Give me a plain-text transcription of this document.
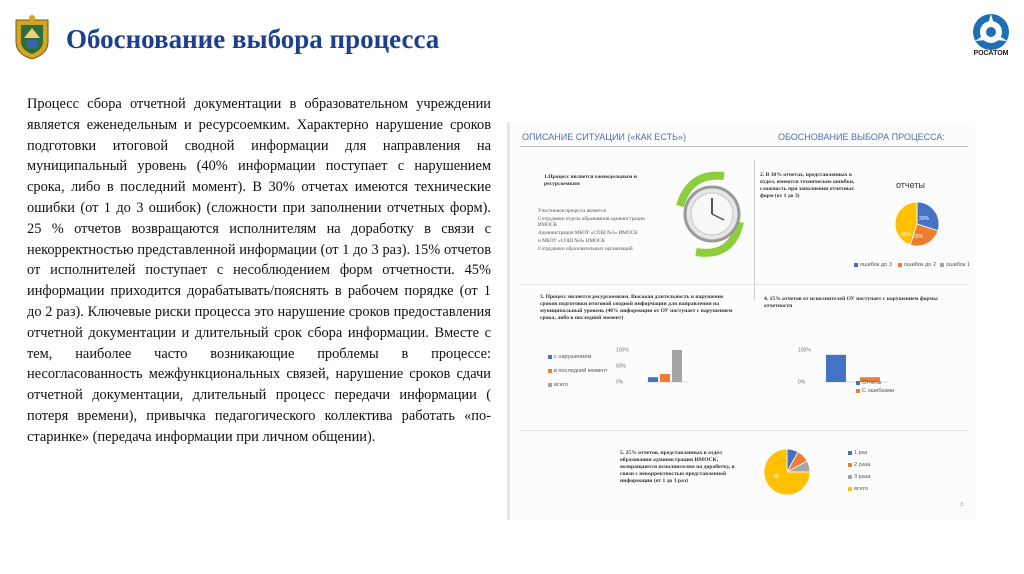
Обоснование выбора процесса	РОСАТОМ
Процесс сбора отчетной документации в образовательном учреждении является еженедельным и ресурсоемким. Характерно нарушение сроков подготовки итоговой сводной информации для направления на муниципальный уровень (40% информации поступает с нарушением срока, либо в последний момент). В 30% отчетах имеются технические ошибки (от 1 до 3 ошибок) (сложности при заполнении отчетных форм). 25 % отчетов возвращаются исполнителям на доработку в связи с некорректностью представленной информации (от 1 до 3 раз). 15% отчетов от исполнителей поступает с несоблюдением форм отчетности. 45% информации приходится дорабатывать/пояснять в рабочем порядке (от 1 до 2 раз). Ключевые риски процесса это нарушение сроков предоставления отчетной документации и длительный срок сбора информации. Вместе с тем, наиболее часто возникающие проблемы в процессе: несогласованность межфункциональных связей, нарушение сроков сдачи отчетной документации, длительный процесс передачи информации ( потеря времени), привычка педагогического коллектива работать «по-старинке» (передача информации при личном общении).
ОПИСАНИЕ СИТУАЦИИ («КАК ЕСТЬ»)	ОБОСНОВАНИЕ ВЫБОРА ПРОЦЕССА:
1.Процесс является еженедельным и ресурсоемким
Участников процесса является
Сотрудники отдела образования администрации ИМОСК
Администрация МБОУ «СОШ №3» ИМОСК
и МБОУ «СОШ №8» ИМОСК
Сотрудники образовательных организаций
2. В 30% отчетах, представленных в отдел, имеются технические ошибки, сложность при заполнении отчетных форм (от 1 до 3)
отчеты
30%
25%
45%
ошибок до 3	ошибок до 2	ошибок 1
3. Процесс является ресурсоемким. Высокая длительность и нарушение сроков подготовки итоговой сводной информации для направления на муниципальный уровень (40% информации от ОУ поступает с нарушением срока, либо в последний момент)
с нарушением
в последний момент
всего
100%
50%
0%
4. 15% отчетов от исполнителей ОУ поступает с нарушением формы отчетности
100%
0%	Отчеты
С ошибками
5. 25% отчетов, представленных в отдел образования администрации ИМОСК, возвращаются исполнителям на доработку, в связи с некорректностью представленной информации (от 1 до 3 раз)
25
1 раз
2 раза
3 раза
всего
3
